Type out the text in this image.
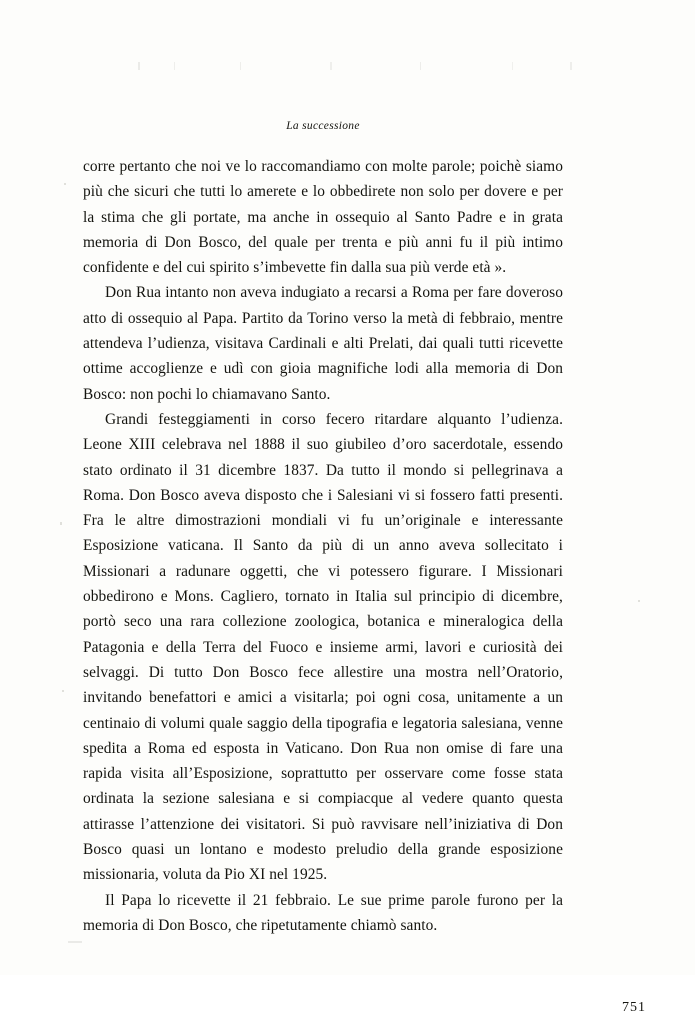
La successione

corre pertanto che noi ve lo raccomandiamo con molte parole; poichè siamo più che sicuri che tutti lo amerete e lo obbedirete non solo per dovere e per la stima che gli portate, ma anche in ossequio al Santo Padre e in grata memoria di Don Bosco, del quale per trenta e più anni fu il più intimo confidente e del cui spirito s’imbevette fin dalla sua più verde età ».

Don Rua intanto non aveva indugiato a recarsi a Roma per fare doveroso atto di ossequio al Papa. Partito da Torino verso la metà di febbraio, mentre attendeva l’udienza, visitava Cardinali e alti Prelati, dai quali tutti ricevette ottime accoglienze e udì con gioia magnifiche lodi alla memoria di Don Bosco: non pochi lo chiamavano Santo.

Grandi festeggiamenti in corso fecero ritardare alquanto l’udienza. Leone XIII celebrava nel 1888 il suo giubileo d’oro sacerdotale, essendo stato ordinato il 31 dicembre 1837. Da tutto il mondo si pellegrinava a Roma. Don Bosco aveva disposto che i Salesiani vi si fossero fatti presenti. Fra le altre dimostrazioni mondiali vi fu un’originale e interessante Esposizione vaticana. Il Santo da più di un anno aveva sollecitato i Missionari a radunare oggetti, che vi potessero figurare. I Missionari obbedirono e Mons. Cagliero, tornato in Italia sul principio di dicembre, portò seco una rara collezione zoologica, botanica e mineralogica della Patagonia e della Terra del Fuoco e insieme armi, lavori e curiosità dei selvaggi. Di tutto Don Bosco fece allestire una mostra nell’Oratorio, invitando benefattori e amici a visitarla; poi ogni cosa, unitamente a un centinaio di volumi quale saggio della tipografia e legatoria salesiana, venne spedita a Roma ed esposta in Vaticano. Don Rua non omise di fare una rapida visita all’Esposizione, soprattutto per osservare come fosse stata ordinata la sezione salesiana e si compiacque al vedere quanto questa attirasse l’attenzione dei visitatori. Si può ravvisare nell’iniziativa di Don Bosco quasi un lontano e modesto preludio della grande esposizione missionaria, voluta da Pio XI nel 1925.

Il Papa lo ricevette il 21 febbraio. Le sue prime parole furono per la memoria di Don Bosco, che ripetutamente chiamò santo.

751
